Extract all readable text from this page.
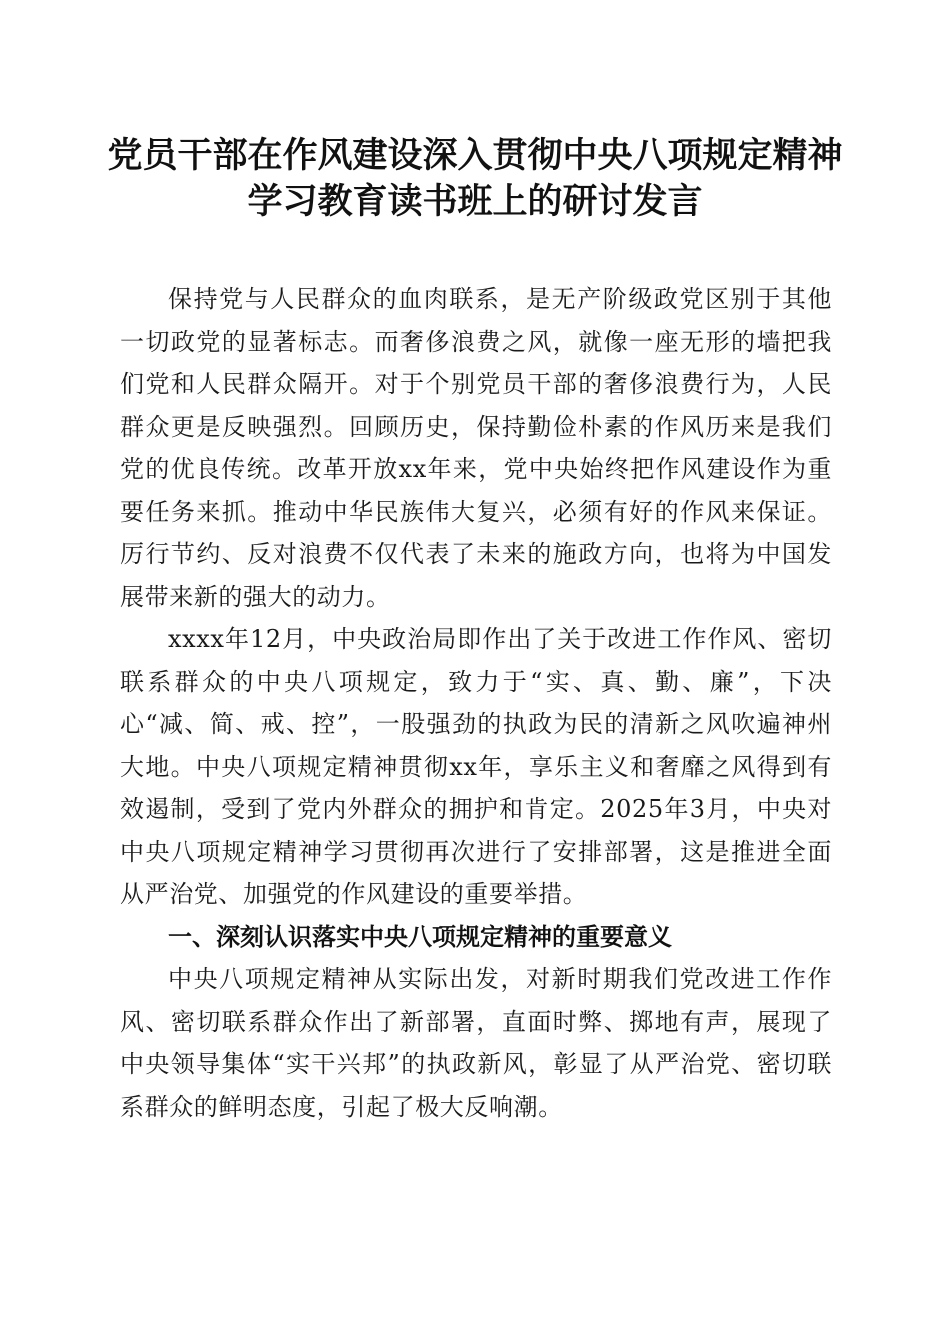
党员干部在作风建设深入贯彻中央八项规定精神学习教育读书班上的研讨发言

保持党与人民群众的血肉联系，是无产阶级政党区别于其他一切政党的显著标志。而奢侈浪费之风，就像一座无形的墙把我们党和人民群众隔开。对于个别党员干部的奢侈浪费行为，人民群众更是反映强烈。回顾历史，保持勤俭朴素的作风历来是我们党的优良传统。改革开放xx年来，党中央始终把作风建设作为重要任务来抓。推动中华民族伟大复兴，必须有好的作风来保证。厉行节约、反对浪费不仅代表了未来的施政方向，也将为中国发展带来新的强大的动力。

xxxx年12月，中央政治局即作出了关于改进工作作风、密切联系群众的中央八项规定，致力于“实、真、勤、廉”，下决心“减、简、戒、控”，一股强劲的执政为民的清新之风吹遍神州大地。中央八项规定精神贯彻xx年，享乐主义和奢靡之风得到有效遏制，受到了党内外群众的拥护和肯定。2025年3月，中央对中央八项规定精神学习贯彻再次进行了安排部署，这是推进全面从严治党、加强党的作风建设的重要举措。

一、深刻认识落实中央八项规定精神的重要意义

中央八项规定精神从实际出发，对新时期我们党改进工作作风、密切联系群众作出了新部署，直面时弊、掷地有声，展现了中央领导集体“实干兴邦”的执政新风，彰显了从严治党、密切联系群众的鲜明态度，引起了极大反响潮。
